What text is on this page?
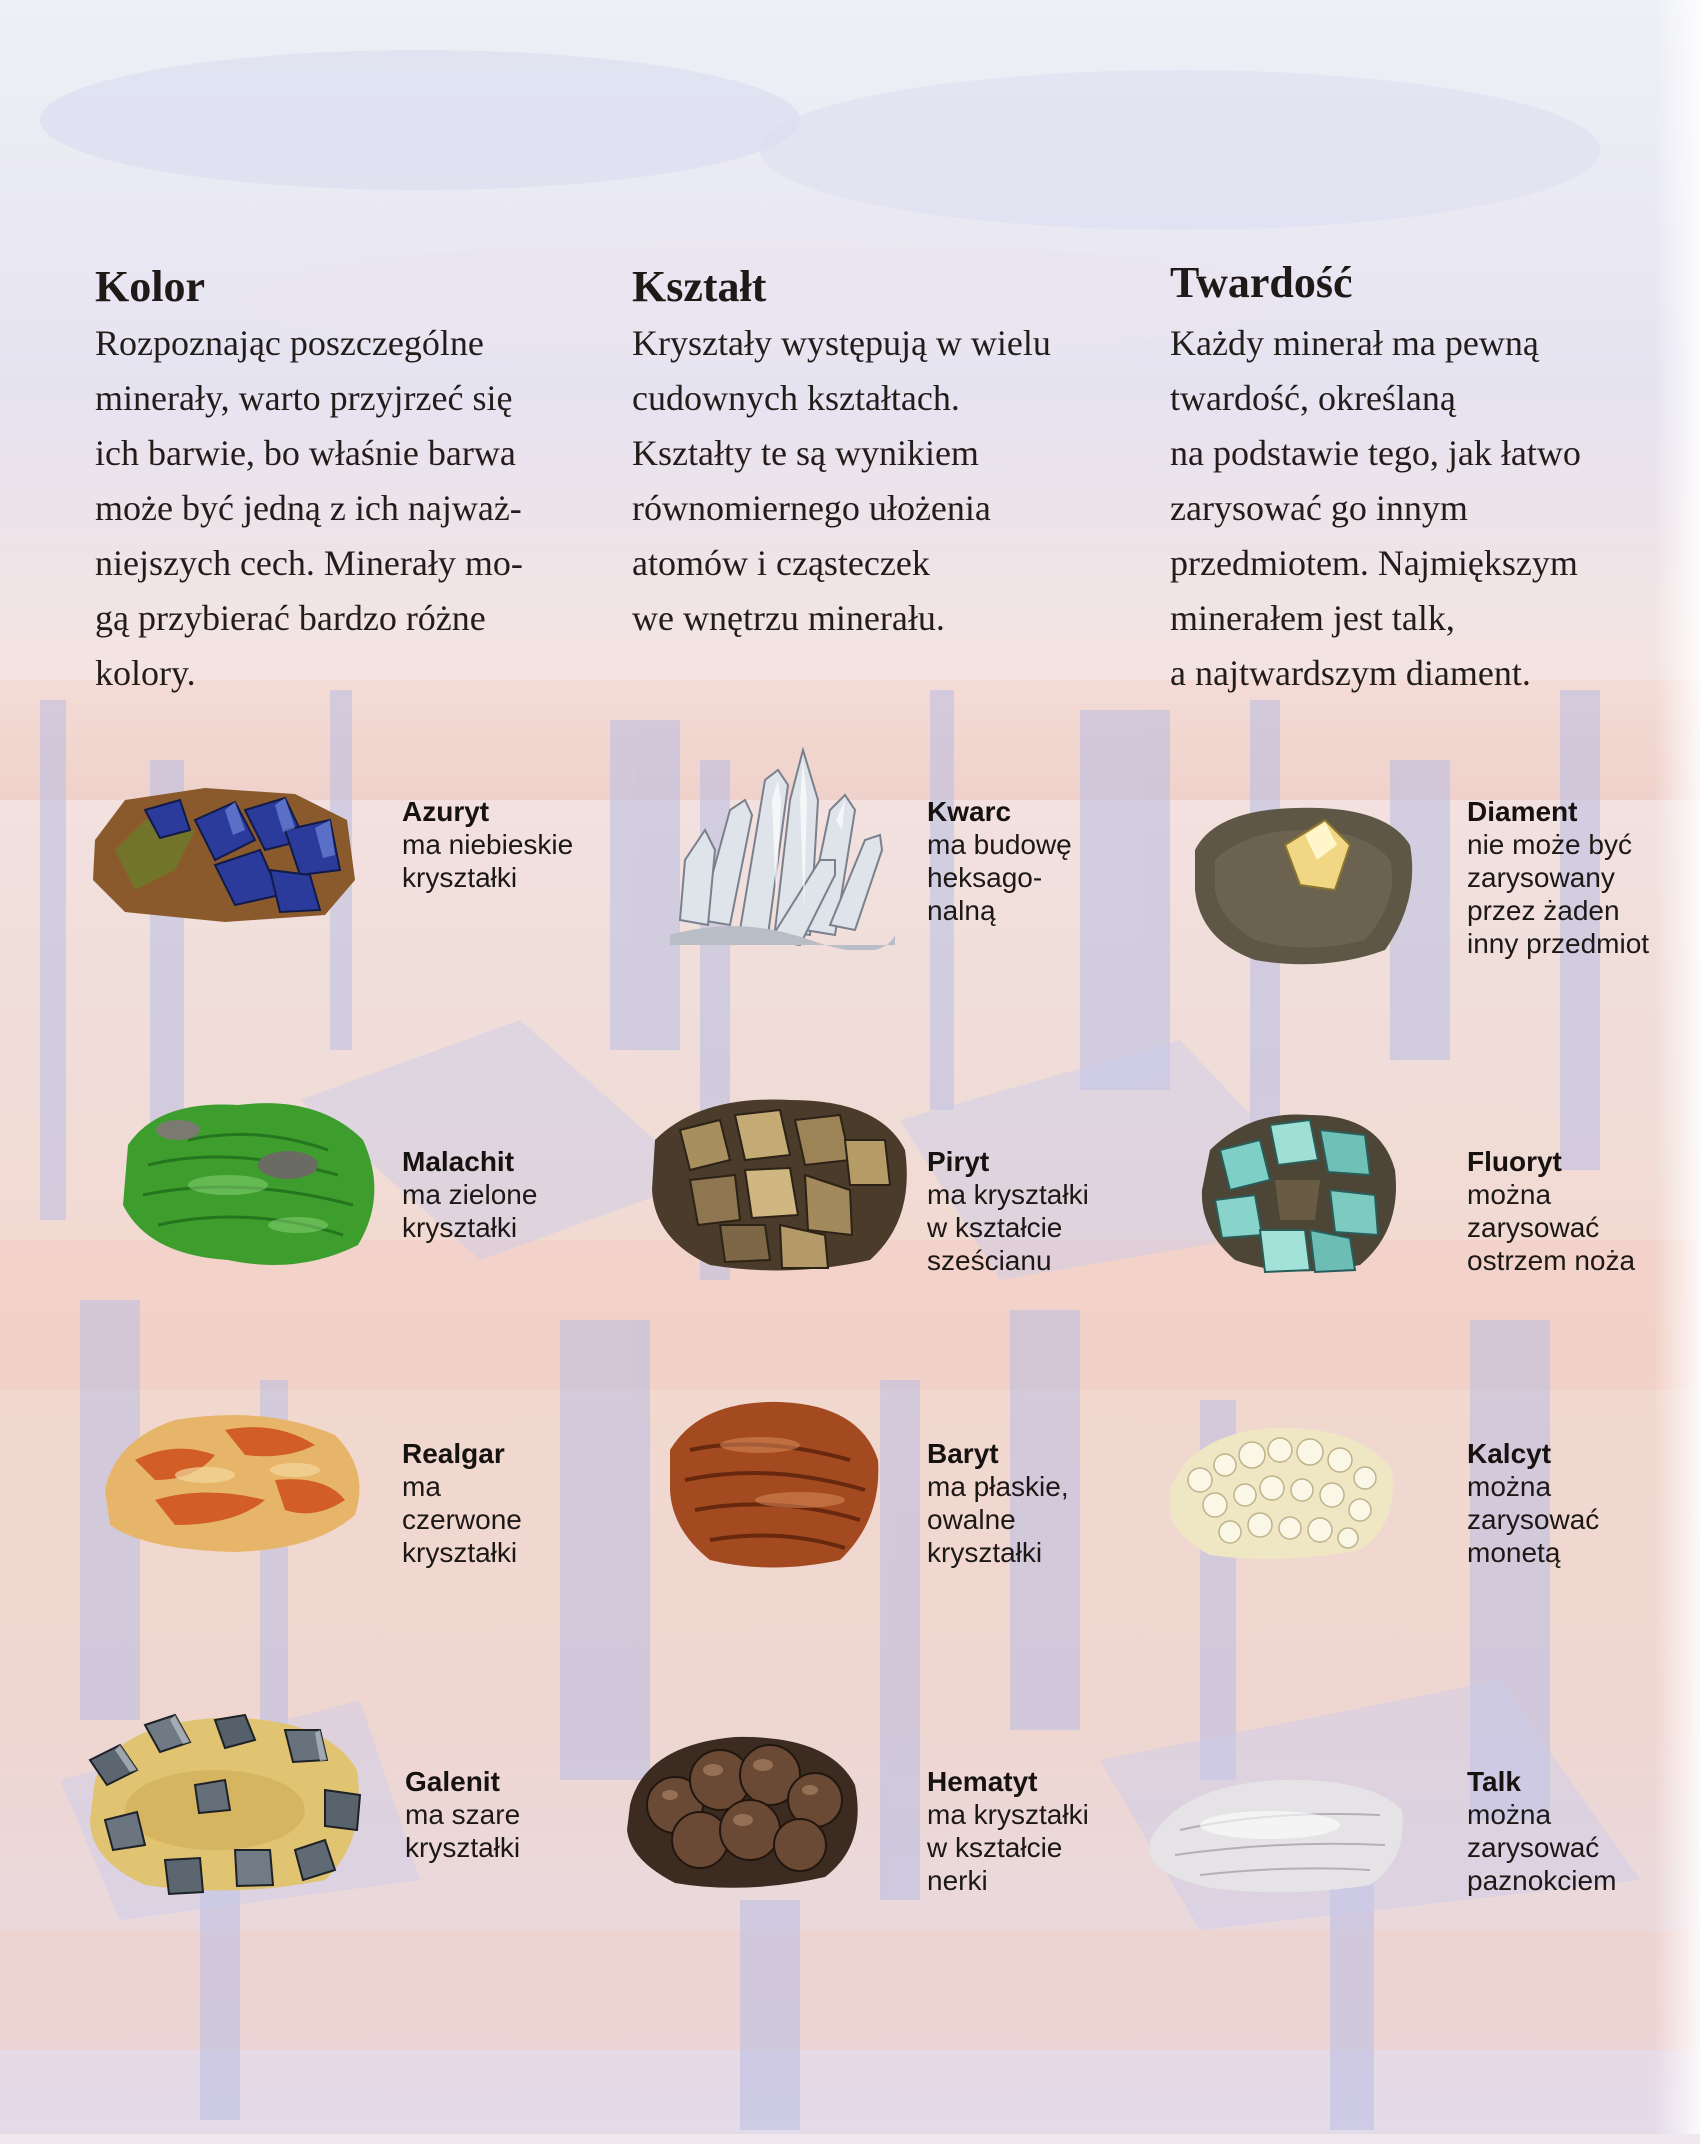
Kolor

Rozpoznając poszczególne
minerały, warto przyjrzeć się
ich barwie, bo właśnie barwa
może być jedną z ich najważ-
niejszych cech. Minerały mo-
gą przybierać bardzo różne
kolory.

Kształt

Kryształy występują w wielu
cudownych kształtach.
Kształty te są wynikiem
równomiernego ułożenia
atomów i cząsteczek
we wnętrzu minerału.

Twardość

Każdy minerał ma pewną
twardość, określaną
na podstawie tego, jak łatwo
zarysować go innym
przedmiotem. Najmiększym
minerałem jest talk,
a najtwardszym diament.

Azuryt
ma niebieskie
kryształki
Kwarc
ma budowę
heksago-
nalną
Diament
nie może być
zarysowany
przez żaden
inny przedmiot
Malachit
ma zielone
kryształki
Piryt
ma kryształki
w kształcie
sześcianu
Fluoryt
można
zarysować
ostrzem noża
Realgar
ma
czerwone
kryształki
Baryt
ma płaskie,
owalne
kryształki
Kalcyt
można
zarysować
monetą
Galenit
ma szare
kryształki
Hematyt
ma kryształki
w kształcie
nerki
Talk
można
zarysować
paznokciem
